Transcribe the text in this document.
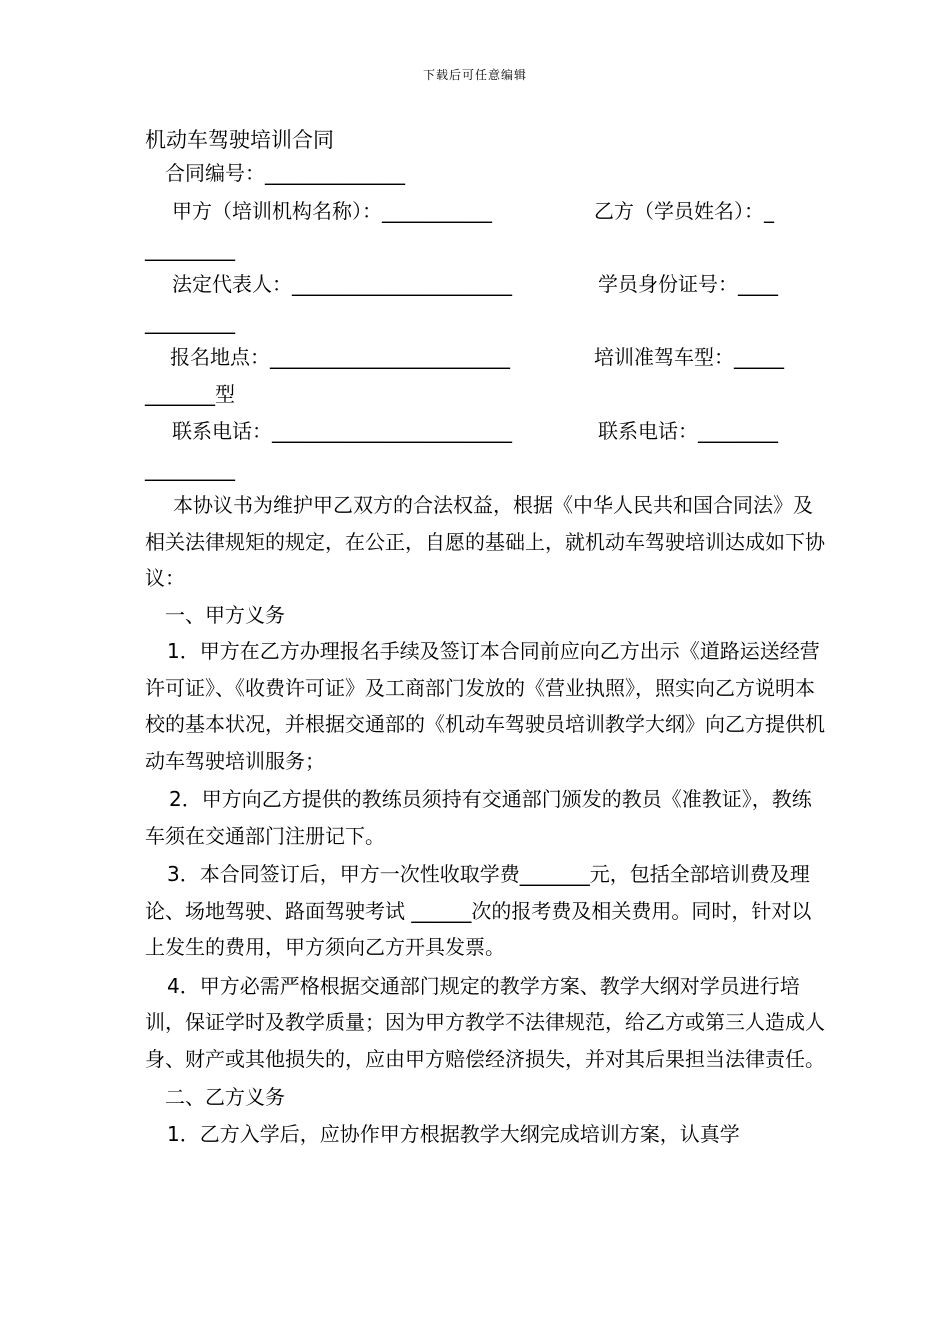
下载后可任意编辑
机动车驾驶培训合同
合同编号：______________
甲方（培训机构名称）：___________	乙方（学员姓名）：_
_________
法定代表人：______________________	学员身份证号：____
_________
报名地点：________________________	培训准驾车型：_____
_______型
联系电话：________________________	联系电话：________
_________

本协议书为维护甲乙双方的合法权益，根据《中华人民共和国合同法》及相关法律规矩的规定，在公正，自愿的基础上，就机动车驾驶培训达成如下协议：

一、甲方义务

1．甲方在乙方办理报名手续及签订本合同前应向乙方出示《道路运送经营许可证》、《收费许可证》及工商部门发放的《营业执照》，照实向乙方说明本校的基本状况，并根据交通部的《机动车驾驶员培训教学大纲》向乙方提供机动车驾驶培训服务；

2．甲方向乙方提供的教练员须持有交通部门颁发的教员《准教证》，教练车须在交通部门注册记下。

3．本合同签订后，甲方一次性收取学费_______元，包括全部培训费及理论、场地驾驶、路面驾驶考试 ______次的报考费及相关费用。同时，针对以上发生的费用，甲方须向乙方开具发票。

4．甲方必需严格根据交通部门规定的教学方案、教学大纲对学员进行培训，保证学时及教学质量；因为甲方教学不法律规范，给乙方或第三人造成人身、财产或其他损失的，应由甲方赔偿经济损失，并对其后果担当法律责任。

二、乙方义务

1．乙方入学后，应协作甲方根据教学大纲完成培训方案，认真学
